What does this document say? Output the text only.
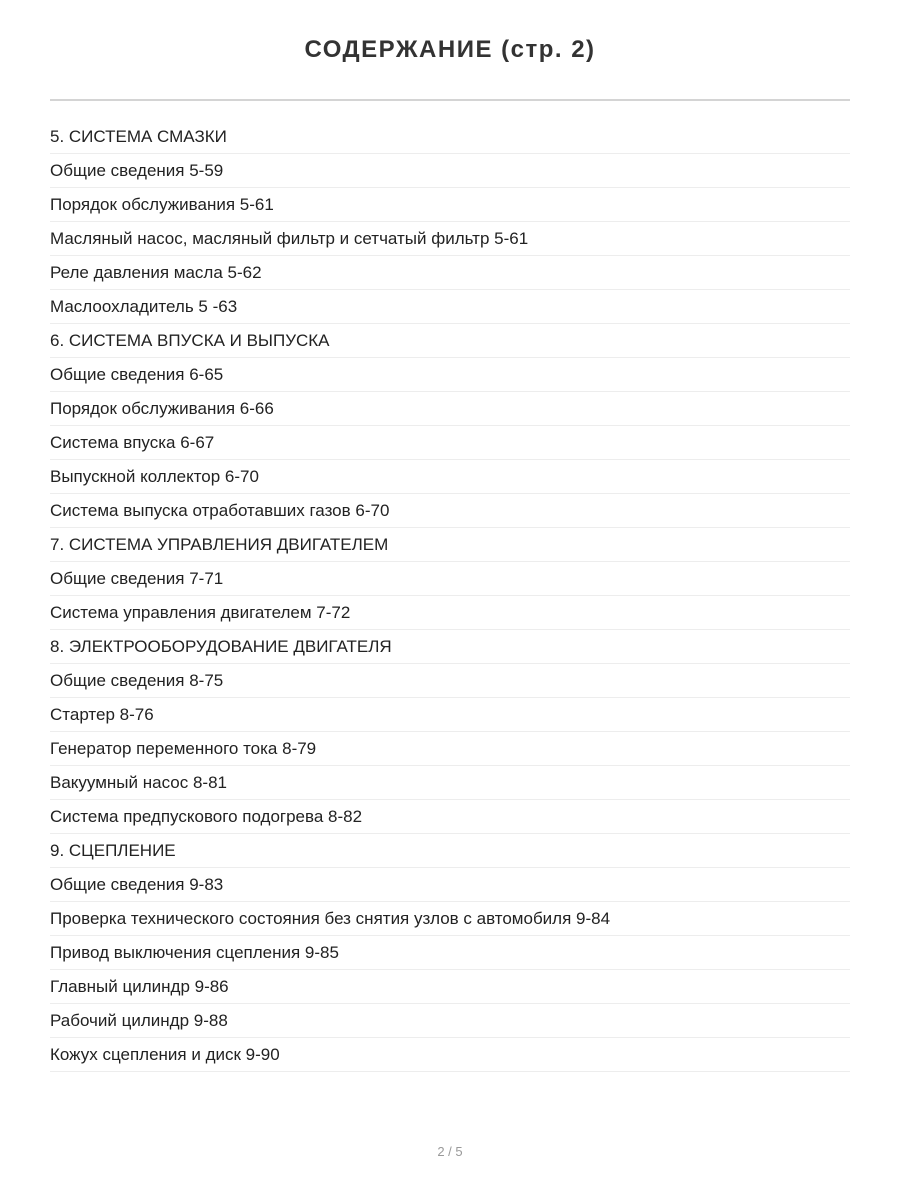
СОДЕРЖАНИЕ (стр. 2)
5. СИСТЕМА СМАЗКИ
Общие сведения 5-59
Порядок обслуживания 5-61
Масляный насос, масляный фильтр и сетчатый фильтр 5-61
Реле давления масла 5-62
Маслоохладитель 5 -63
6. СИСТЕМА ВПУСКА И ВЫПУСКА
Общие сведения 6-65
Порядок обслуживания 6-66
Система впуска 6-67
Выпускной коллектор 6-70
Система выпуска отработавших газов 6-70
7. СИСТЕМА УПРАВЛЕНИЯ ДВИГАТЕЛЕМ
Общие сведения 7-71
Система управления двигателем 7-72
8. ЭЛЕКТРООБОРУДОВАНИЕ ДВИГАТЕЛЯ
Общие сведения 8-75
Стартер 8-76
Генератор переменного тока 8-79
Вакуумный насос 8-81
Система предпускового подогрева 8-82
9. СЦЕПЛЕНИЕ
Общие сведения 9-83
Проверка технического состояния без снятия узлов с автомобиля 9-84
Привод выключения сцепления 9-85
Главный цилиндр 9-86
Рабочий цилиндр 9-88
Кожух сцепления и диск 9-90
2 / 5
